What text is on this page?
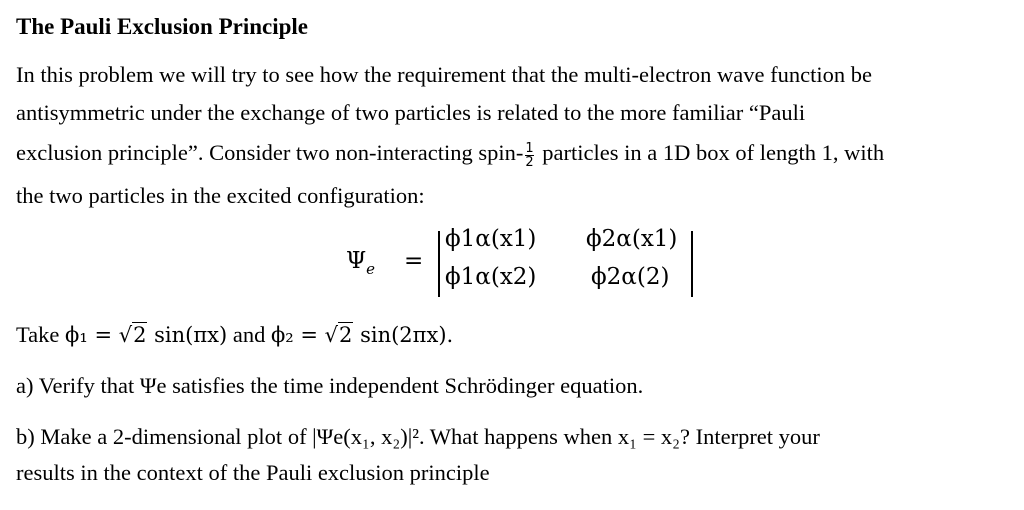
The Pauli Exclusion Principle
In this problem we will try to see how the requirement that the multi-electron wave function be
antisymmetric under the exchange of two particles is related to the more familiar “Pauli
exclusion principle”. Consider two non-interacting spin- $\frac{1}{2}$ particles in a 1D box of length 1, with
the two particles in the excited configuration:
$\Psi_e$ =
ϕ1α(x1) ϕ2α(x1)
ϕ1α(x2) ϕ2α(2)
Take ϕ₁ = √2 sin(πx) and ϕ₂ = √2 sin(2πx).
a) Verify that Ψe satisfies the time independent Schrödinger equation.
b) Make a 2-dimensional plot of |Ψe(x₁, x₂)|². What happens when x₁ = x₂? Interpret your
results in the context of the Pauli exclusion principle
